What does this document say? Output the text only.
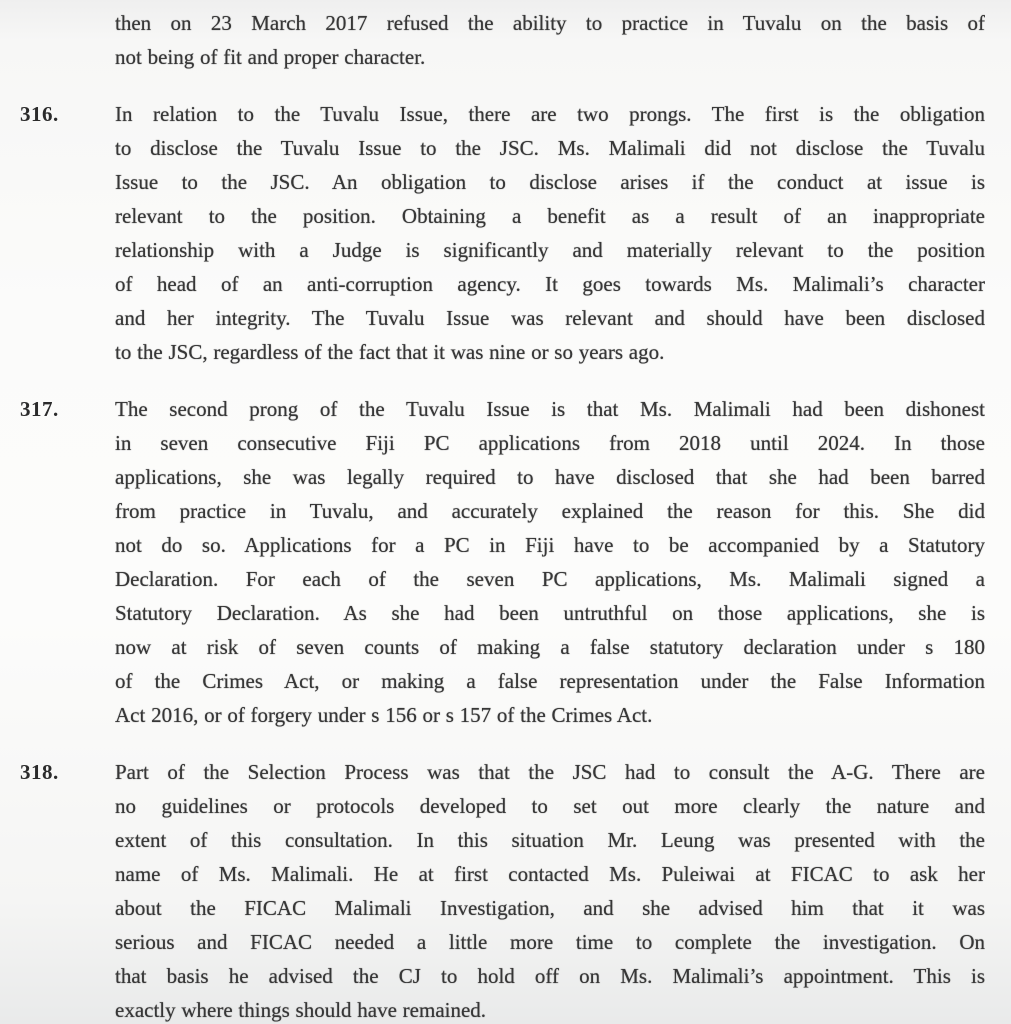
then on 23 March 2017 refused the ability to practice in Tuvalu on the basis of
not being of fit and proper character.
316.	In relation to the Tuvalu Issue, there are two prongs. The first is the obligation
to disclose the Tuvalu Issue to the JSC. Ms. Malimali did not disclose the Tuvalu
Issue to the JSC. An obligation to disclose arises if the conduct at issue is
relevant to the position. Obtaining a benefit as a result of an inappropriate
relationship with a Judge is significantly and materially relevant to the position
of head of an anti-corruption agency. It goes towards Ms. Malimali’s character
and her integrity. The Tuvalu Issue was relevant and should have been disclosed
to the JSC, regardless of the fact that it was nine or so years ago.
317.	The second prong of the Tuvalu Issue is that Ms. Malimali had been dishonest
in seven consecutive Fiji PC applications from 2018 until 2024. In those
applications, she was legally required to have disclosed that she had been barred
from practice in Tuvalu, and accurately explained the reason for this. She did
not do so. Applications for a PC in Fiji have to be accompanied by a Statutory
Declaration. For each of the seven PC applications, Ms. Malimali signed a
Statutory Declaration. As she had been untruthful on those applications, she is
now at risk of seven counts of making a false statutory declaration under s 180
of the Crimes Act, or making a false representation under the False Information
Act 2016, or of forgery under s 156 or s 157 of the Crimes Act.
318.	Part of the Selection Process was that the JSC had to consult the A-G. There are
no guidelines or protocols developed to set out more clearly the nature and
extent of this consultation. In this situation Mr. Leung was presented with the
name of Ms. Malimali. He at first contacted Ms. Puleiwai at FICAC to ask her
about the FICAC Malimali Investigation, and she advised him that it was
serious and FICAC needed a little more time to complete the investigation. On
that basis he advised the CJ to hold off on Ms. Malimali’s appointment. This is
exactly where things should have remained.
